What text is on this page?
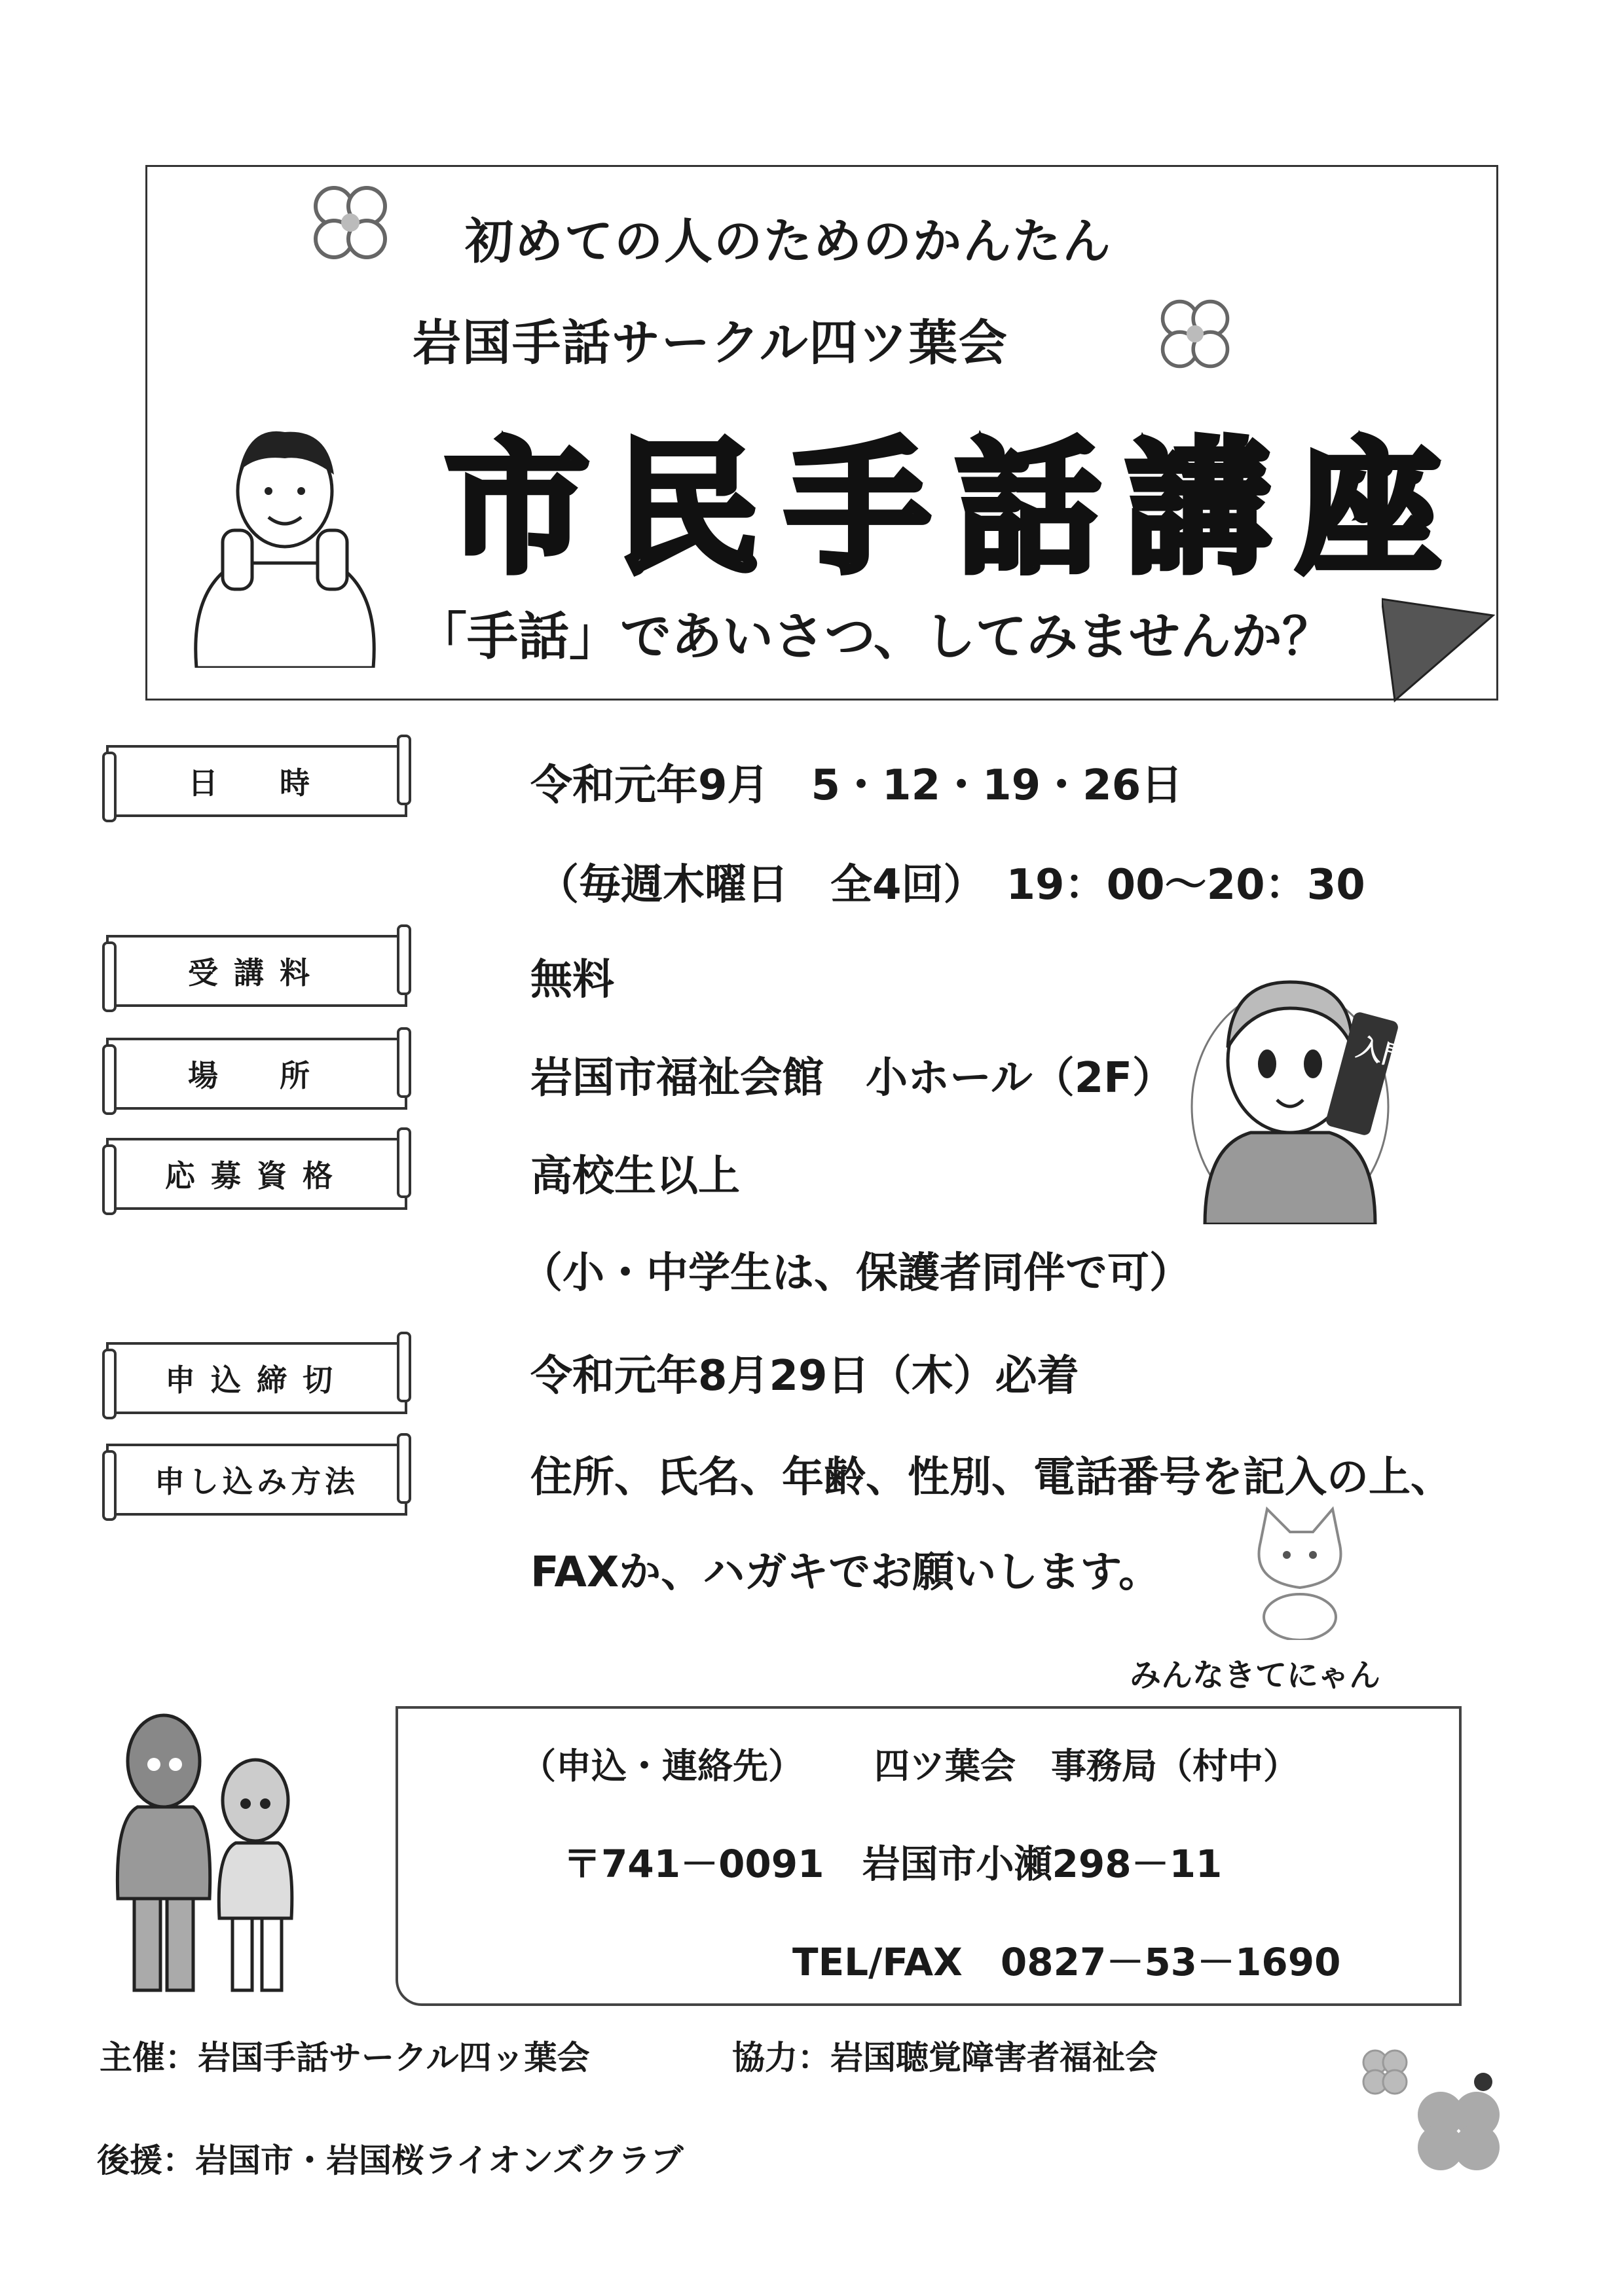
初めての人のためのかんたん
岩国手話サークル四ツ葉会
市民手話講座
「手話」であいさつ、してみませんか？
日　時	令和元年9月　5・12・19・26日
（毎週木曜日　全4回）　19：00～20：30
受講料	無料
場　所	岩国市福祉会館　小ホール（2F）
応募資格	高校生以上
（小・中学生は、保護者同伴で可）
申込締切	令和元年8月29日（木）必着
申し込み方法	住所、氏名、年齢、性別、電話番号を記入の上、
FAXか、ハガキでお願いします。
入門
みんなきてにゃん
（申込・連絡先） 四ツ葉会　事務局（村中）
〒741－0091　岩国市小瀬298－11
TEL/FAX　0827－53－1690
主催：岩国手話サークル四ッ葉会	協力：岩国聴覚障害者福祉会
後援：岩国市・岩国桜ライオンズクラブ
